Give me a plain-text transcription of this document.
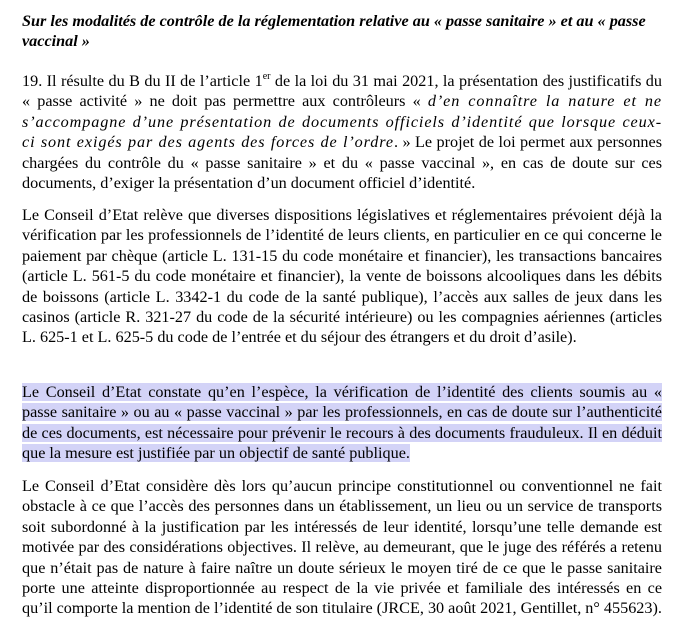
Sur les modalités de contrôle de la réglementation relative au « passe sanitaire » et au « passe vaccinal »

19. Il résulte du B du II de l’article 1er de la loi du 31 mai 2021, la présentation des justificatifs du « passe activité » ne doit pas permettre aux contrôleurs « d’en connaître la nature et ne s’accompagne d’une présentation de documents officiels d’identité que lorsque ceux-ci sont exigés par des agents des forces de l’ordre. » Le projet de loi permet aux personnes chargées du contrôle du « passe sanitaire » et du « passe vaccinal », en cas de doute sur ces documents, d’exiger la présentation d’un document officiel d’identité.

Le Conseil d’Etat relève que diverses dispositions législatives et réglementaires prévoient déjà la vérification par les professionnels de l’identité de leurs clients, en particulier en ce qui concerne le paiement par chèque (article L. 131-15 du code monétaire et financier), les transactions bancaires (article L. 561-5 du code monétaire et financier), la vente de boissons alcooliques dans les débits de boissons (article L. 3342-1 du code de la santé publique), l’accès aux salles de jeux dans les casinos (article R. 321-27 du code de la sécurité intérieure) ou les compagnies aériennes (articles L. 625-1 et L. 625-5 du code de l’entrée et du séjour des étrangers et du droit d’asile).

Le Conseil d’Etat constate qu’en l’espèce, la vérification de l’identité des clients soumis au « passe sanitaire » ou au « passe vaccinal » par les professionnels, en cas de doute sur l’authenticité de ces documents, est nécessaire pour prévenir le recours à des documents frauduleux. Il en déduit que la mesure est justifiée par un objectif de santé publique.

Le Conseil d’Etat considère dès lors qu’aucun principe constitutionnel ou conventionnel ne fait obstacle à ce que l’accès des personnes dans un établissement, un lieu ou un service de transports soit subordonné à la justification par les intéressés de leur identité, lorsqu’une telle demande est motivée par des considérations objectives. Il relève, au demeurant, que le juge des référés a retenu que n’était pas de nature à faire naître un doute sérieux le moyen tiré de ce que le passe sanitaire porte une atteinte disproportionnée au respect de la vie privée et familiale des intéressés en ce qu’il comporte la mention de l’identité de son titulaire (JRCE, 30 août 2021, Gentillet, n° 455623).
